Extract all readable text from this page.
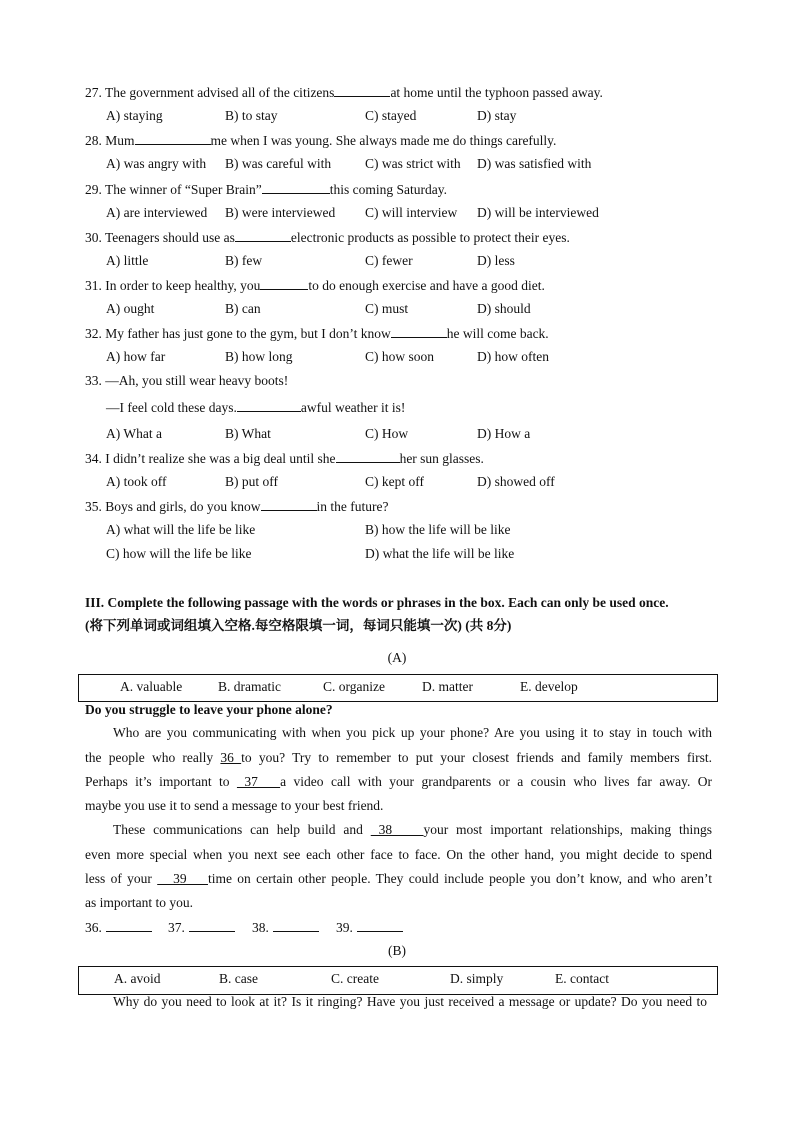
27. The government advised all of the citizens	at home until the typhoon passed away.
A) staying	B) to stay	C) stayed	D) stay
28. Mum	me when I was young. She always made me do things carefully.
A) was angry with B) was careful with	C) was strict with D) was satisfied with
29. The winner of “Super Brain”	this coming Saturday.
A) are interviewed B) were interviewed C) will interview D) will be interviewed
30. Teenagers should use as	electronic products as possible to protect their eyes.
A) little	B) few	C) fewer	D) less
31. In order to keep healthy, you	to do enough exercise and have a good diet.
A) ought	B) can	C) must	D) should
32. My father has just gone to the gym, but I don’t know	he will come back.
A) how far	B) how long	C) how soon	D) how often
33. —Ah, you still wear heavy boots!
—I feel cold these days.	awful weather it is!
A) What a	B) What	C) How	D) How a
34. I didn’t realize she was a big deal until she	her sun glasses.
A) took off	B) put off	C) kept off	D) showed off
35. Boys and girls, do you know	in the future?
A) what will the life be like	B) how the life will be like
C) how will the life be like	D) what the life will be like
III. Complete the following passage with the words or phrases in the box. Each can only be used once.
(将下列单词或词组填入空格.每空格限填一词，每词只能填一次) (共 8分)
(A)
A. valuable	B. dramatic	C. organize	D. matter	E. develop
Do you struggle to leave your phone alone?
Who are you communicating with when you pick up your phone? Are you using it to stay in touch with
the people who really 36 to you? Try to remember to put your closest friends and family members first.
Perhaps it’s important to  37   a video call with your grandparents or a cousin who lives far away. Or
maybe you use it to send a message to your best friend.
These communications can help build and  38    your most important relationships, making things
even more special when you next see each other face to face. On the other hand, you might decide to spend
less of your    39    time on certain other people. They could include people you don’t know, and who aren’t
as important to you.
36.	37.	38.	39.
(B)
A. avoid	B. case	C. create	D. simply	E. contact
Why do you need to look at it? Is it ringing? Have you just received a message or update? Do you need to
